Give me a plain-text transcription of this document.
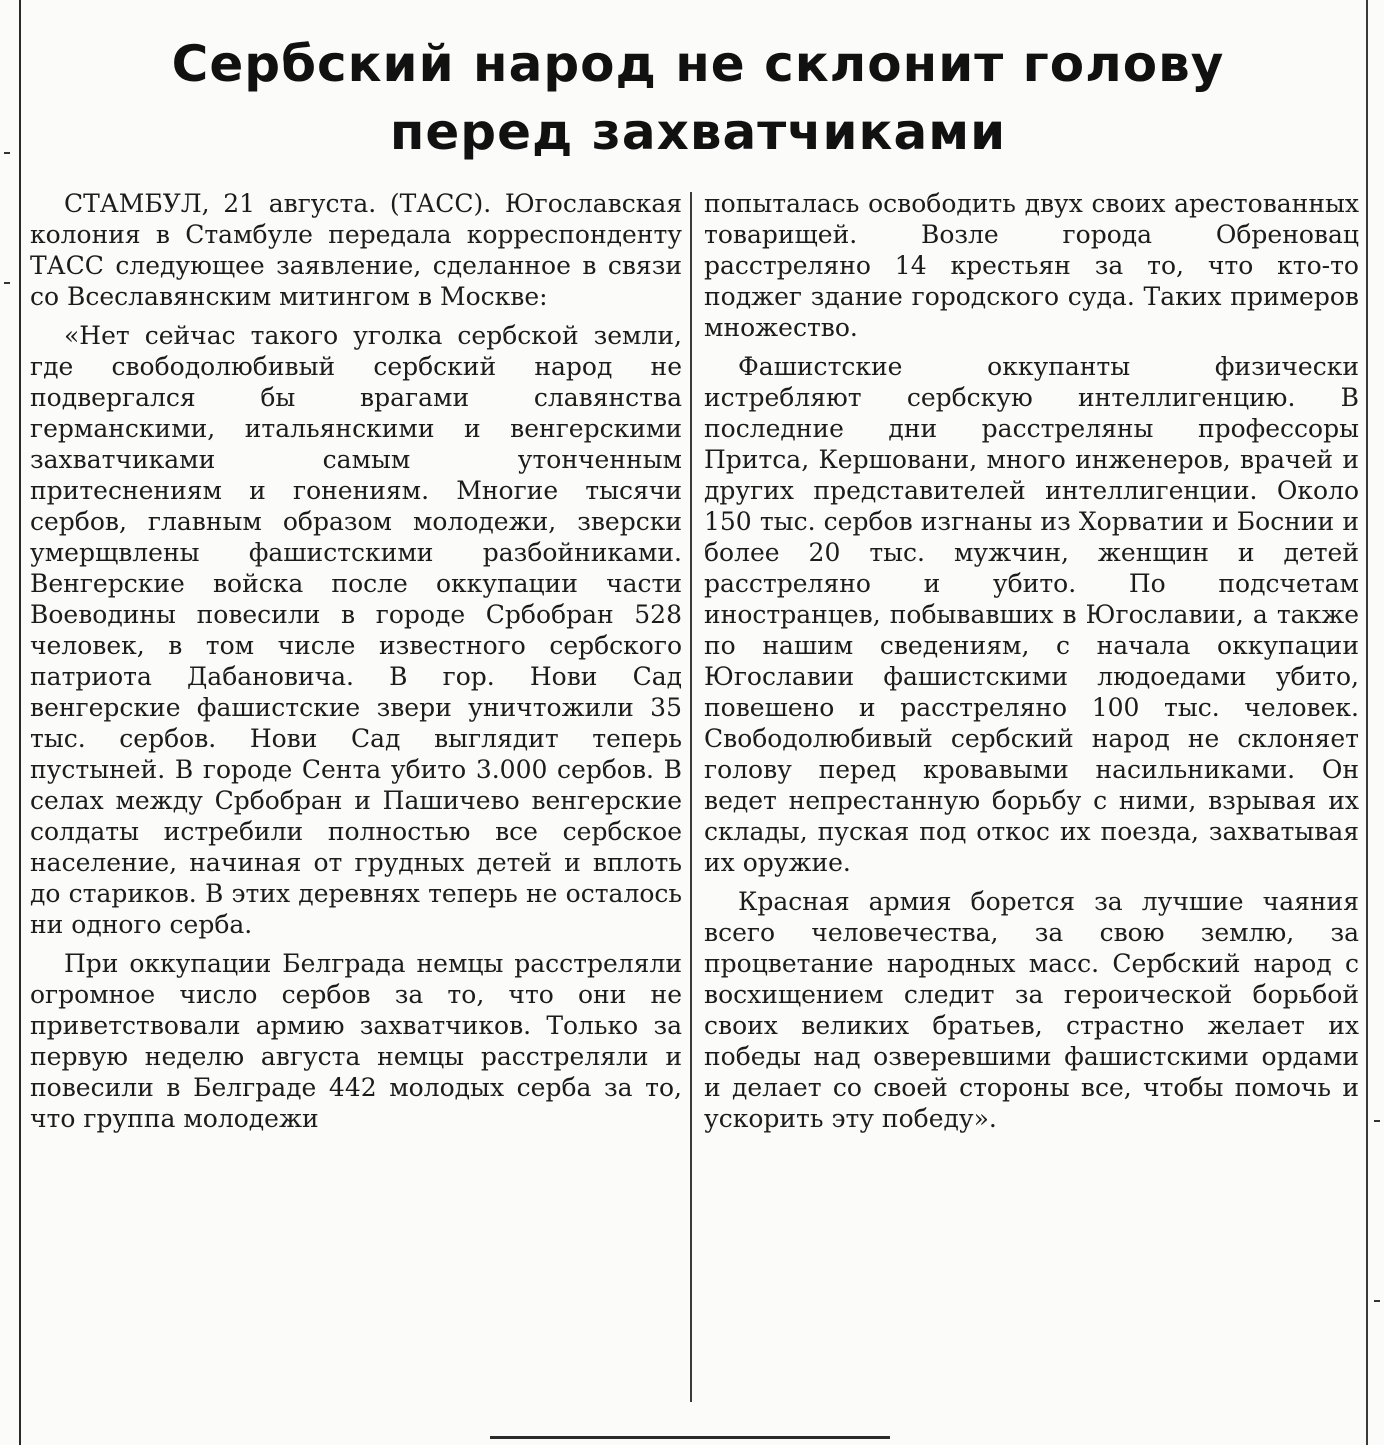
Сербский народ не склонит голову
перед захватчиками

СТАМБУЛ, 21 августа. (ТАСС). Югославская колония в Стамбуле передала корреспонденту ТАСС следующее заявление, сделанное в связи со Всеславянским митингом в Москве:

«Нет сейчас такого уголка сербской земли, где свободолюбивый сербский народ не подвергался бы врагами славянства германскими, итальянскими и венгерскими захватчиками самым утонченным притеснениям и гонениям. Многие тысячи сербов, главным образом молодежи, зверски умерщвлены фашистскими разбойниками. Венгерские войска после оккупации части Воеводины повесили в городе Србобран 528 человек, в том числе известного сербского патриота Дабановича. В гор. Нови Сад венгерские фашистские звери уничтожили 35 тыс. сербов. Нови Сад выглядит теперь пустыней. В городе Сента убито 3.000 сербов. В селах между Србобран и Пашичево венгерские солдаты истребили полностью все сербское население, начиная от грудных детей и вплоть до стариков. В этих деревнях теперь не осталось ни одного серба.

При оккупации Белграда немцы расстреляли огромное число сербов за то, что они не приветствовали армию захватчиков. Только за первую неделю августа немцы расстреляли и повесили в Белграде 442 молодых серба за то, что группа молодежи

попыталась освободить двух своих арестованных товарищей. Возле города Обреновац расстреляно 14 крестьян за то, что кто-то поджег здание городского суда. Таких примеров множество.

Фашистские оккупанты физически истребляют сербскую интеллигенцию. В последние дни расстреляны профессоры Притса, Кершовани, много инженеров, врачей и других представителей интеллигенции. Около 150 тыс. сербов изгнаны из Хорватии и Боснии и более 20 тыс. мужчин, женщин и детей расстреляно и убито. По подсчетам иностранцев, побывавших в Югославии, а также по нашим сведениям, с начала оккупации Югославии фашистскими людоедами убито, повешено и расстреляно 100 тыс. человек. Свободолюбивый сербский народ не склоняет голову перед кровавыми насильниками. Он ведет непрестанную борьбу с ними, взрывая их склады, пуская под откос их поезда, захватывая их оружие.

Красная армия борется за лучшие чаяния всего человечества, за свою землю, за процветание народных масс. Сербский народ с восхищением следит за героической борьбой своих великих братьев, страстно желает их победы над озверевшими фашистскими ордами и делает со своей стороны все, чтобы помочь и ускорить эту победу».
